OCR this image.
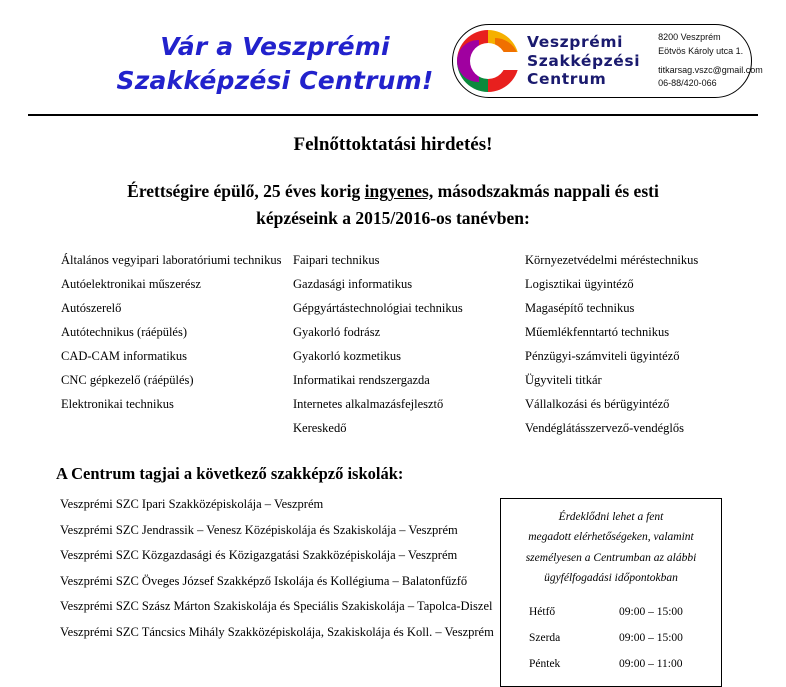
Vár a Veszprémi
Szakképzési Centrum!
Veszprémi
Szakképzési
Centrum
8200 Veszprém
Eötvös Károly utca 1.
titkarsag.vszc@gmail.com
06-88/420-066
Felnőttoktatási hirdetés!
Érettségire épülő, 25 éves korig ingyenes, másodszakmás nappali és esti
képzéseink a 2015/2016-os tanévben:
Általános vegyipari laboratóriumi technikus
Autóelektronikai műszerész
Autószerelő
Autótechnikus (ráépülés)
CAD-CAM informatikus
CNC gépkezelő (ráépülés)
Elektronikai technikus
Faipari technikus
Gazdasági informatikus
Gépgyártástechnológiai technikus
Gyakorló fodrász
Gyakorló kozmetikus
Informatikai rendszergazda
Internetes alkalmazásfejlesztő
Kereskedő
Környezetvédelmi méréstechnikus
Logisztikai ügyintéző
Magasépítő technikus
Műemlékfenntartó technikus
Pénzügyi-számviteli ügyintéző
Ügyviteli titkár
Vállalkozási és bérügyintéző
Vendéglátásszervező-vendéglős
A Centrum tagjai a következő szakképző iskolák:
Veszprémi SZC Ipari Szakközépiskolája – Veszprém
Veszprémi SZC Jendrassik – Venesz Középiskolája és Szakiskolája – Veszprém
Veszprémi SZC Közgazdasági és Közigazgatási Szakközépiskolája – Veszprém
Veszprémi SZC Öveges József Szakképző Iskolája és Kollégiuma – Balatonfűzfő
Veszprémi SZC Szász Márton Szakiskolája és Speciális Szakiskolája – Tapolca-Diszel
Veszprémi SZC Táncsics Mihály Szakközépiskolája, Szakiskolája és Koll. – Veszprém
Érdeklődni lehet a fent
megadott elérhetőségeken, valamint
személyesen a Centrumban az alábbi
ügyfélfogadási időpontokban
Hétfő	09:00 – 15:00
Szerda	09:00 – 15:00
Péntek	09:00 – 11:00
